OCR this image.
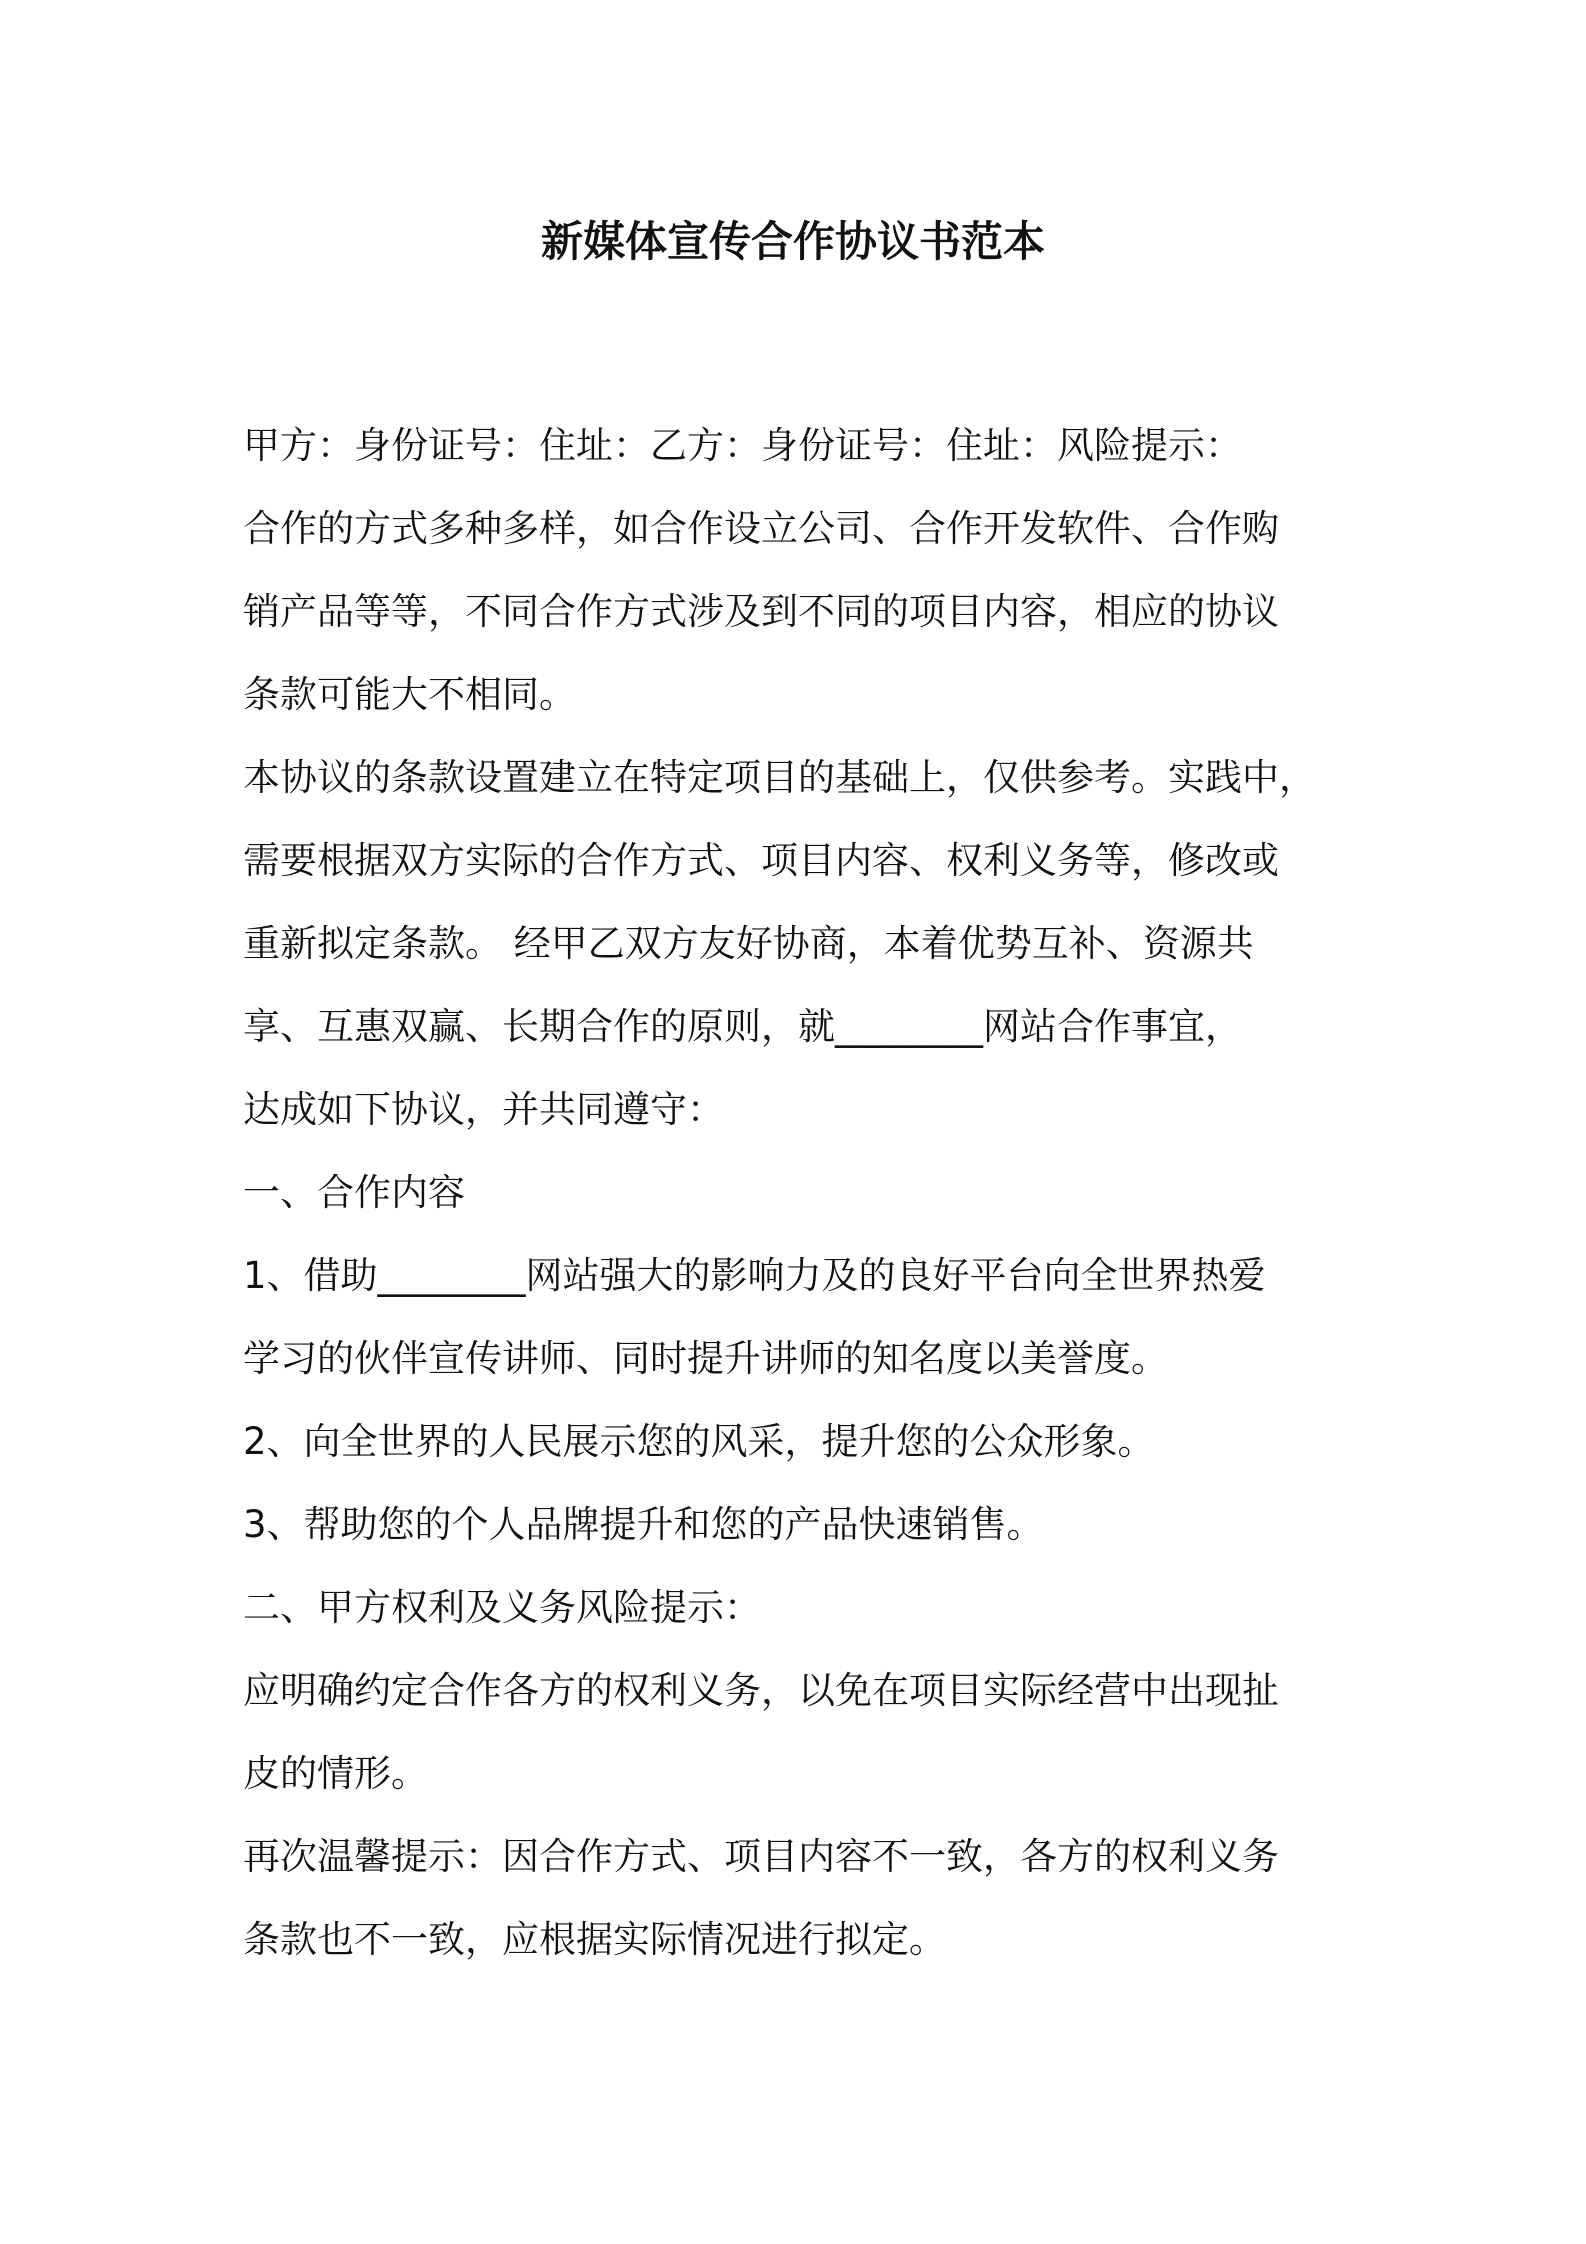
新媒体宣传合作协议书范本
甲方：身份证号：住址：乙方：身份证号：住址：风险提示：
合作的方式多种多样，如合作设立公司、合作开发软件、合作购
销产品等等，不同合作方式涉及到不同的项目内容，相应的协议
条款可能大不相同。
本协议的条款设置建立在特定项目的基础上，仅供参考。实践中，
需要根据双方实际的合作方式、项目内容、权利义务等，修改或
重新拟定条款。 经甲乙双方友好协商，本着优势互补、资源共
享、互惠双赢、长期合作的原则，就________网站合作事宜，
达成如下协议，并共同遵守：
一、合作内容
1、借助________网站强大的影响力及的良好平台向全世界热爱
学习的伙伴宣传讲师、同时提升讲师的知名度以美誉度。
2、向全世界的人民展示您的风采，提升您的公众形象。
3、帮助您的个人品牌提升和您的产品快速销售。
二、甲方权利及义务风险提示：
应明确约定合作各方的权利义务，以免在项目实际经营中出现扯
皮的情形。
再次温馨提示：因合作方式、项目内容不一致，各方的权利义务
条款也不一致，应根据实际情况进行拟定。
